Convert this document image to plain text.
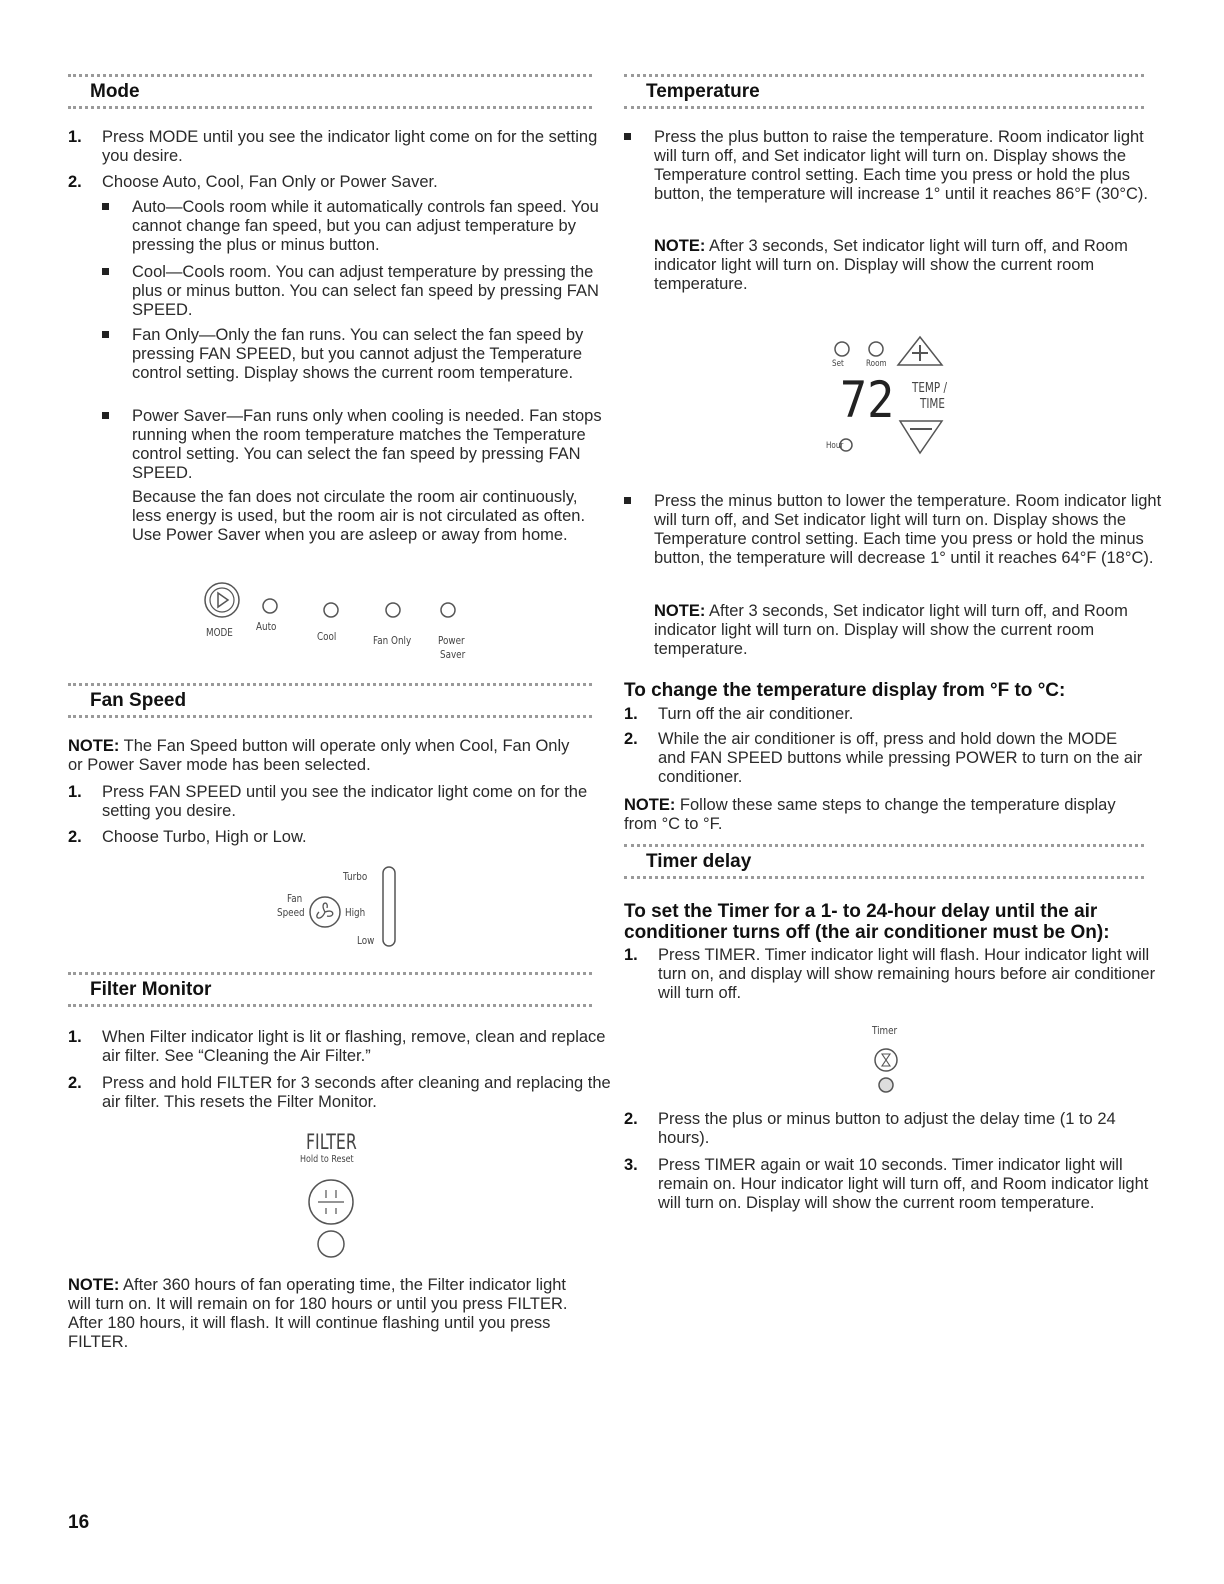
Mode
1. Press MODE until you see the indicator light come on for the setting you desire.
2. Choose Auto, Cool, Fan Only or Power Saver.
Auto—Cools room while it automatically controls fan speed. You cannot change fan speed, but you can adjust temperature by pressing the plus or minus button.
Cool—Cools room. You can adjust temperature by pressing the plus or minus button. You can select fan speed by pressing FAN SPEED.
Fan Only—Only the fan runs. You can select the fan speed by pressing FAN SPEED, but you cannot adjust the Temperature control setting. Display shows the current room temperature.
Power Saver—Fan runs only when cooling is needed. Fan stops running when the room temperature matches the Temperature control setting. You can select the fan speed by pressing FAN SPEED.
Because the fan does not circulate the room air continuously, less energy is used, but the room air is not circulated as often. Use Power Saver when you are asleep or away from home.
MODE Auto
Cool	Fan Only Power
Saver
Fan Speed
NOTE: The Fan Speed button will operate only when Cool, Fan Only or Power Saver mode has been selected.
1. Press FAN SPEED until you see the indicator light come on for the setting you desire.
2. Choose Turbo, High or Low.
Turbo
Fan
Speed	High
Low
Filter Monitor
1. When Filter indicator light is lit or flashing, remove, clean and replace air filter. See “Cleaning the Air Filter.”
2. Press and hold FILTER for 3 seconds after cleaning and replacing the air filter. This resets the Filter Monitor.
FILTER
Hold to Reset
NOTE: After 360 hours of fan operating time, the Filter indicator light will turn on. It will remain on for 180 hours or until you press FILTER. After 180 hours, it will flash. It will continue flashing until you press FILTER.
Temperature
Press the plus button to raise the temperature. Room indicator light will turn off, and Set indicator light will turn on. Display shows the Temperature control setting. Each time you press or hold the plus button, the temperature will increase 1° until it reaches 86°F (30°C).
NOTE: After 3 seconds, Set indicator light will turn off, and Room indicator light will turn on. Display will show the current room temperature.
Set Room
72 TEMP /
TIME
Hour
Press the minus button to lower the temperature. Room indicator light will turn off, and Set indicator light will turn on. Display shows the Temperature control setting. Each time you press or hold the minus button, the temperature will decrease 1° until it reaches 64°F (18°C).
NOTE: After 3 seconds, Set indicator light will turn off, and Room indicator light will turn on. Display will show the current room temperature.
To change the temperature display from °F to °C:
1. Turn off the air conditioner.
2. While the air conditioner is off, press and hold down the MODE and FAN SPEED buttons while pressing POWER to turn on the air conditioner.
NOTE: Follow these same steps to change the temperature display from °C to °F.
Timer delay
To set the Timer for a 1- to 24-hour delay until the air conditioner turns off (the air conditioner must be On):
1. Press TIMER. Timer indicator light will flash. Hour indicator light will turn on, and display will show remaining hours before air conditioner will turn off.
Timer
2. Press the plus or minus button to adjust the delay time (1 to 24 hours).
3. Press TIMER again or wait 10 seconds. Timer indicator light will remain on. Hour indicator light will turn off, and Room indicator light will turn on. Display will show the current room temperature.
16
